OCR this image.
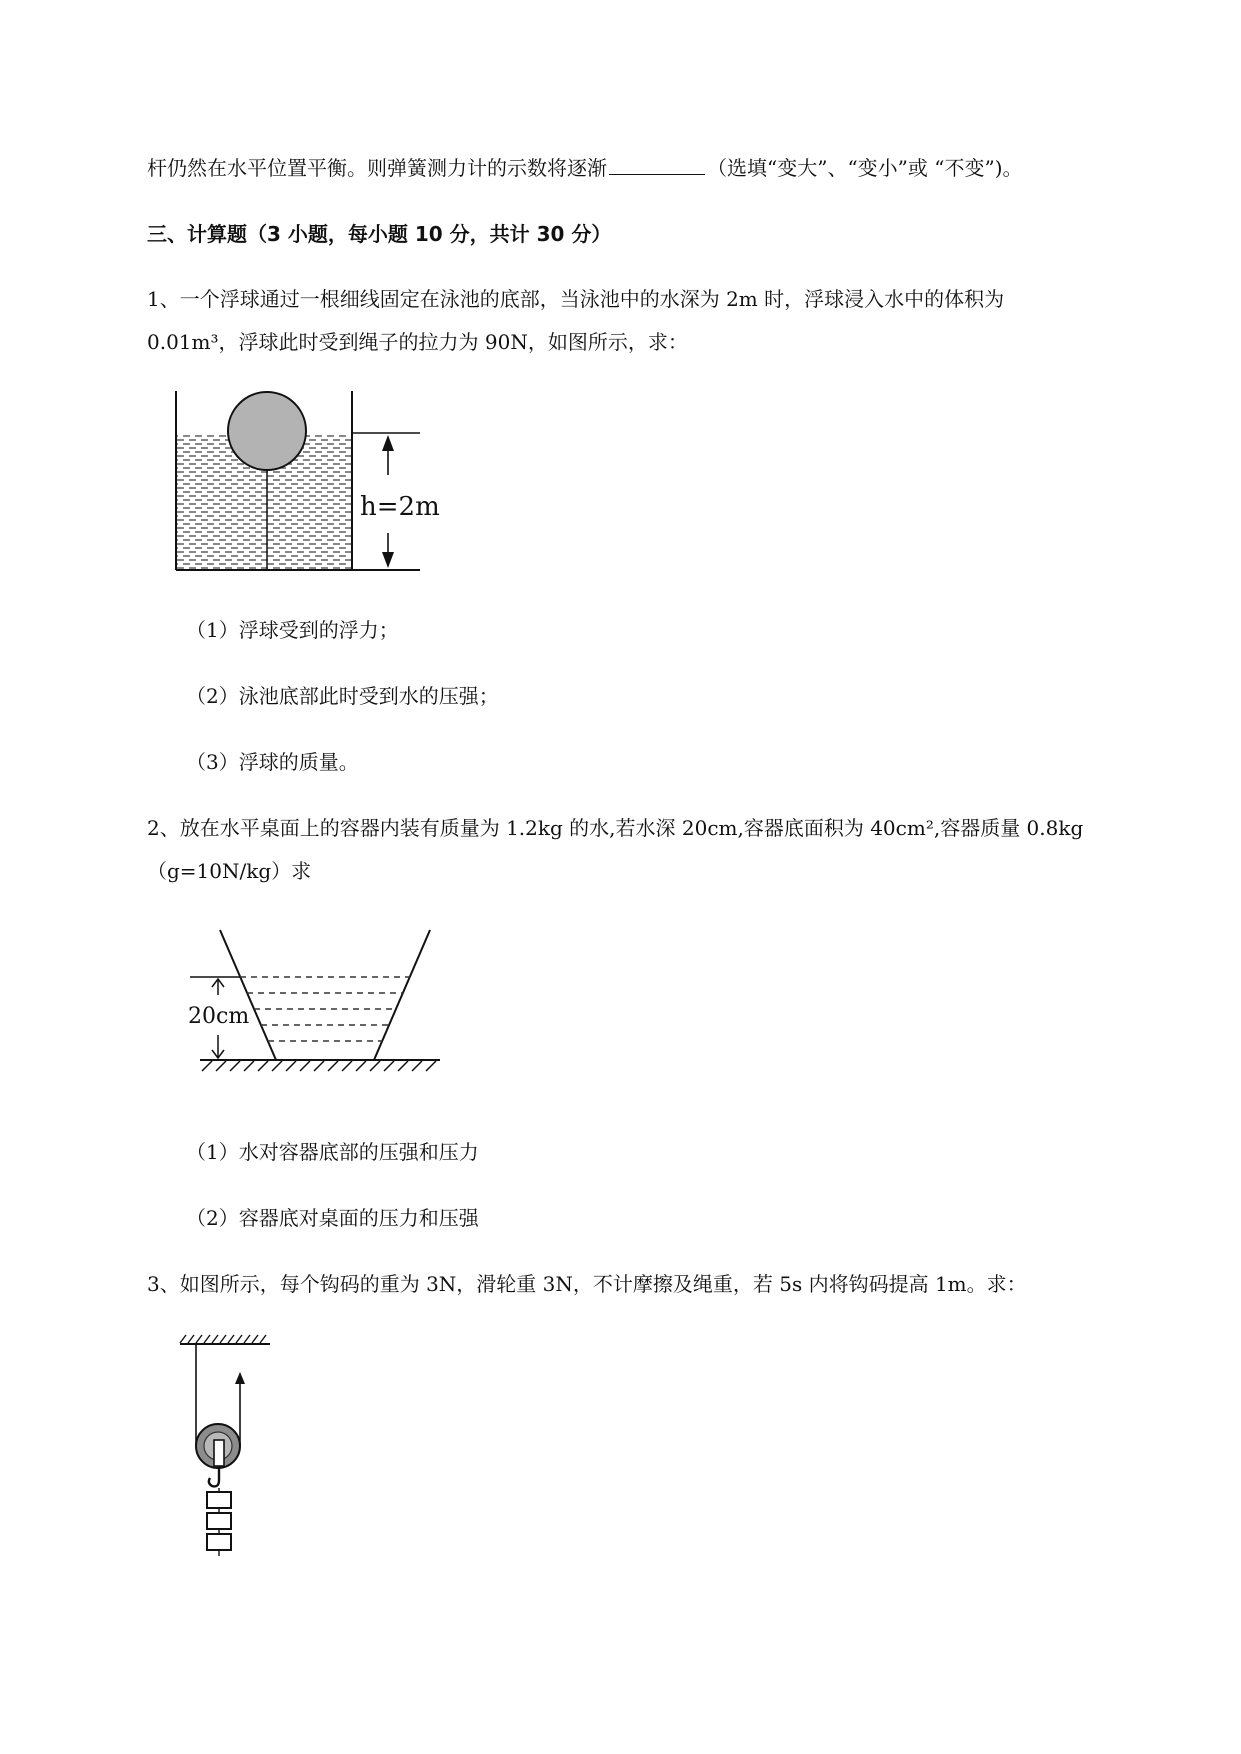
杆仍然在水平位置平衡。则弹簧测力计的示数将逐渐	（选填“变大”、“变小”或 “不变”)。
三、计算题（3 小题，每小题 10 分，共计 30 分）
1、一个浮球通过一根细线固定在泳池的底部，当泳池中的水深为 2m 时，浮球浸入水中的体积为
0.01m³，浮球此时受到绳子的拉力为 90N，如图所示，求：
h=2m
（1）浮球受到的浮力；
（2）泳池底部此时受到水的压强；
（3）浮球的质量。
2、放在水平桌面上的容器内装有质量为 1.2kg 的水,若水深 20cm,容器底面积为 40cm²,容器质量 0.8kg
（g=10N/kg）求
20cm
（1）水对容器底部的压强和压力
（2）容器底对桌面的压力和压强
3、如图所示，每个钩码的重为 3N，滑轮重 3N，不计摩擦及绳重，若 5s 内将钩码提高 1m。求：
